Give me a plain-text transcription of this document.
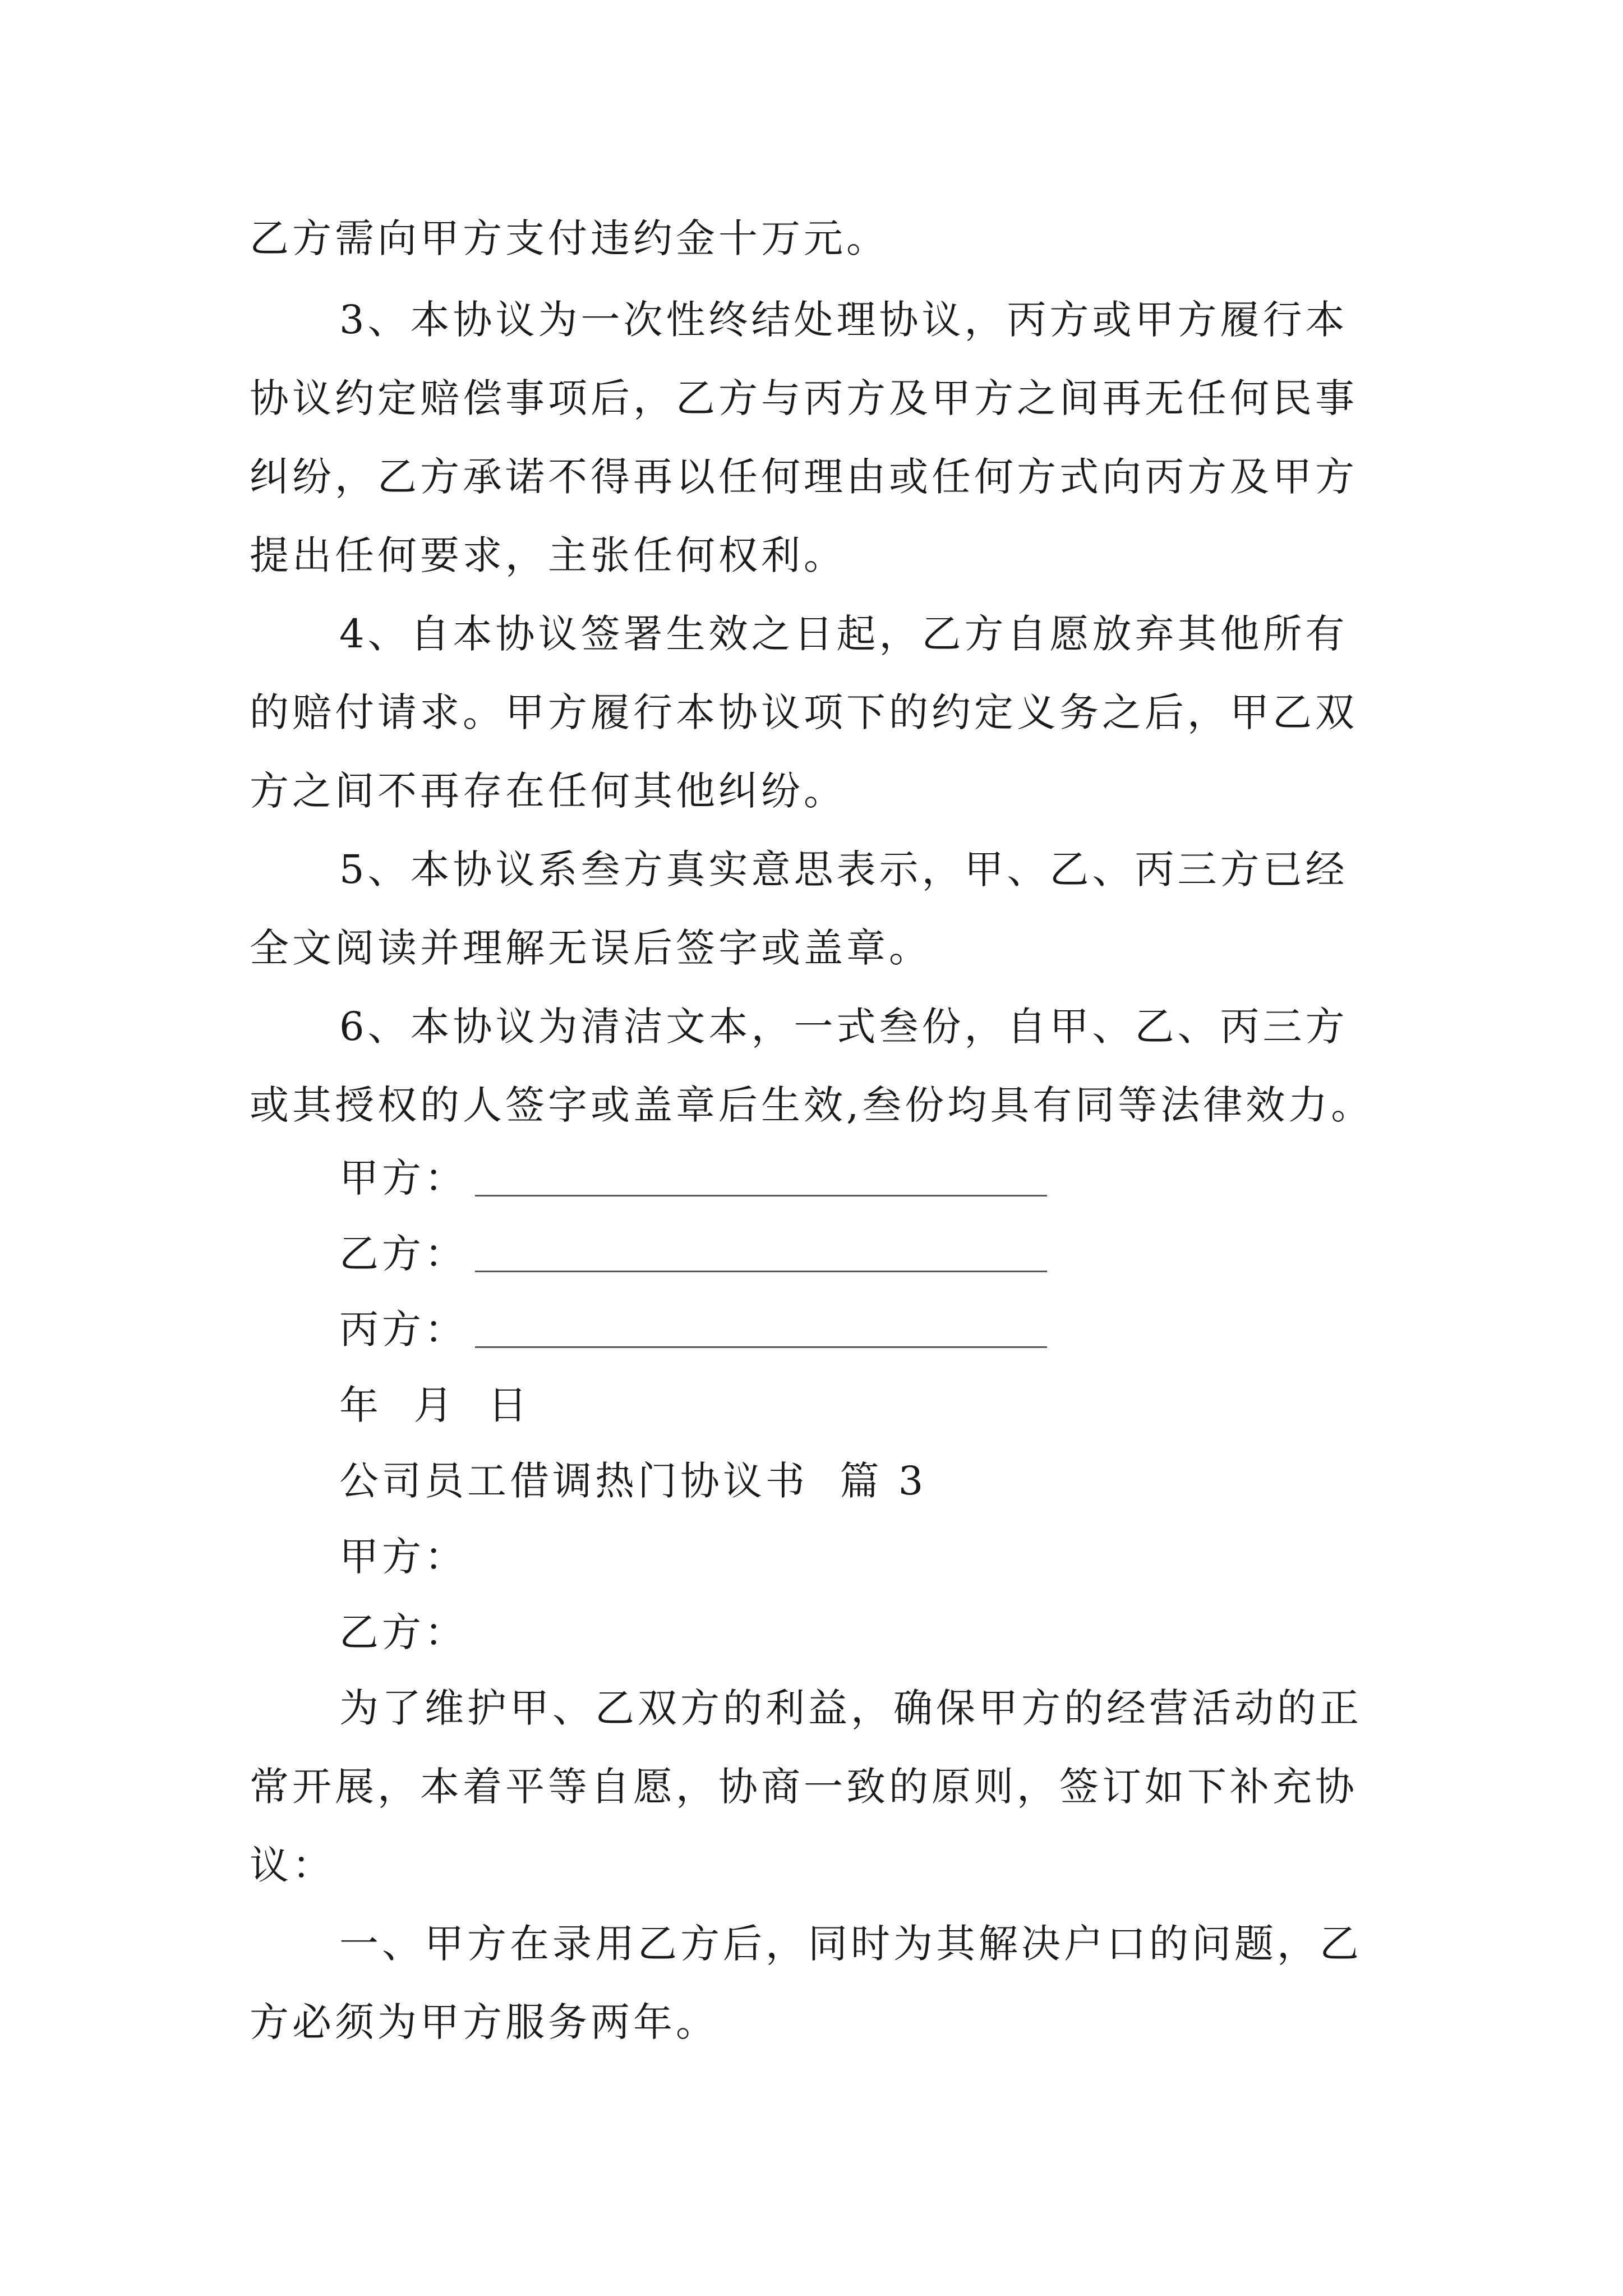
乙方需向甲方支付违约金十万元。
3、本协议为一次性终结处理协议，丙方或甲方履行本
协议约定赔偿事项后，乙方与丙方及甲方之间再无任何民事
纠纷，乙方承诺不得再以任何理由或任何方式向丙方及甲方
提出任何要求，主张任何权利。
4、自本协议签署生效之日起，乙方自愿放弃其他所有
的赔付请求。甲方履行本协议项下的约定义务之后，甲乙双
方之间不再存在任何其他纠纷。
5、本协议系叁方真实意思表示，甲、乙、丙三方已经
全文阅读并理解无误后签字或盖章。
6、本协议为清洁文本，一式叁份，自甲、乙、丙三方
或其授权的人签字或盖章后生效,叁份均具有同等法律效力。
甲方：
乙方：
丙方：
年  月  日
公司员工借调热门协议书  篇 3
甲方：
乙方：
为了维护甲、乙双方的利益，确保甲方的经营活动的正
常开展，本着平等自愿，协商一致的原则，签订如下补充协
议：
一、甲方在录用乙方后，同时为其解决户口的问题，乙
方必须为甲方服务两年。
